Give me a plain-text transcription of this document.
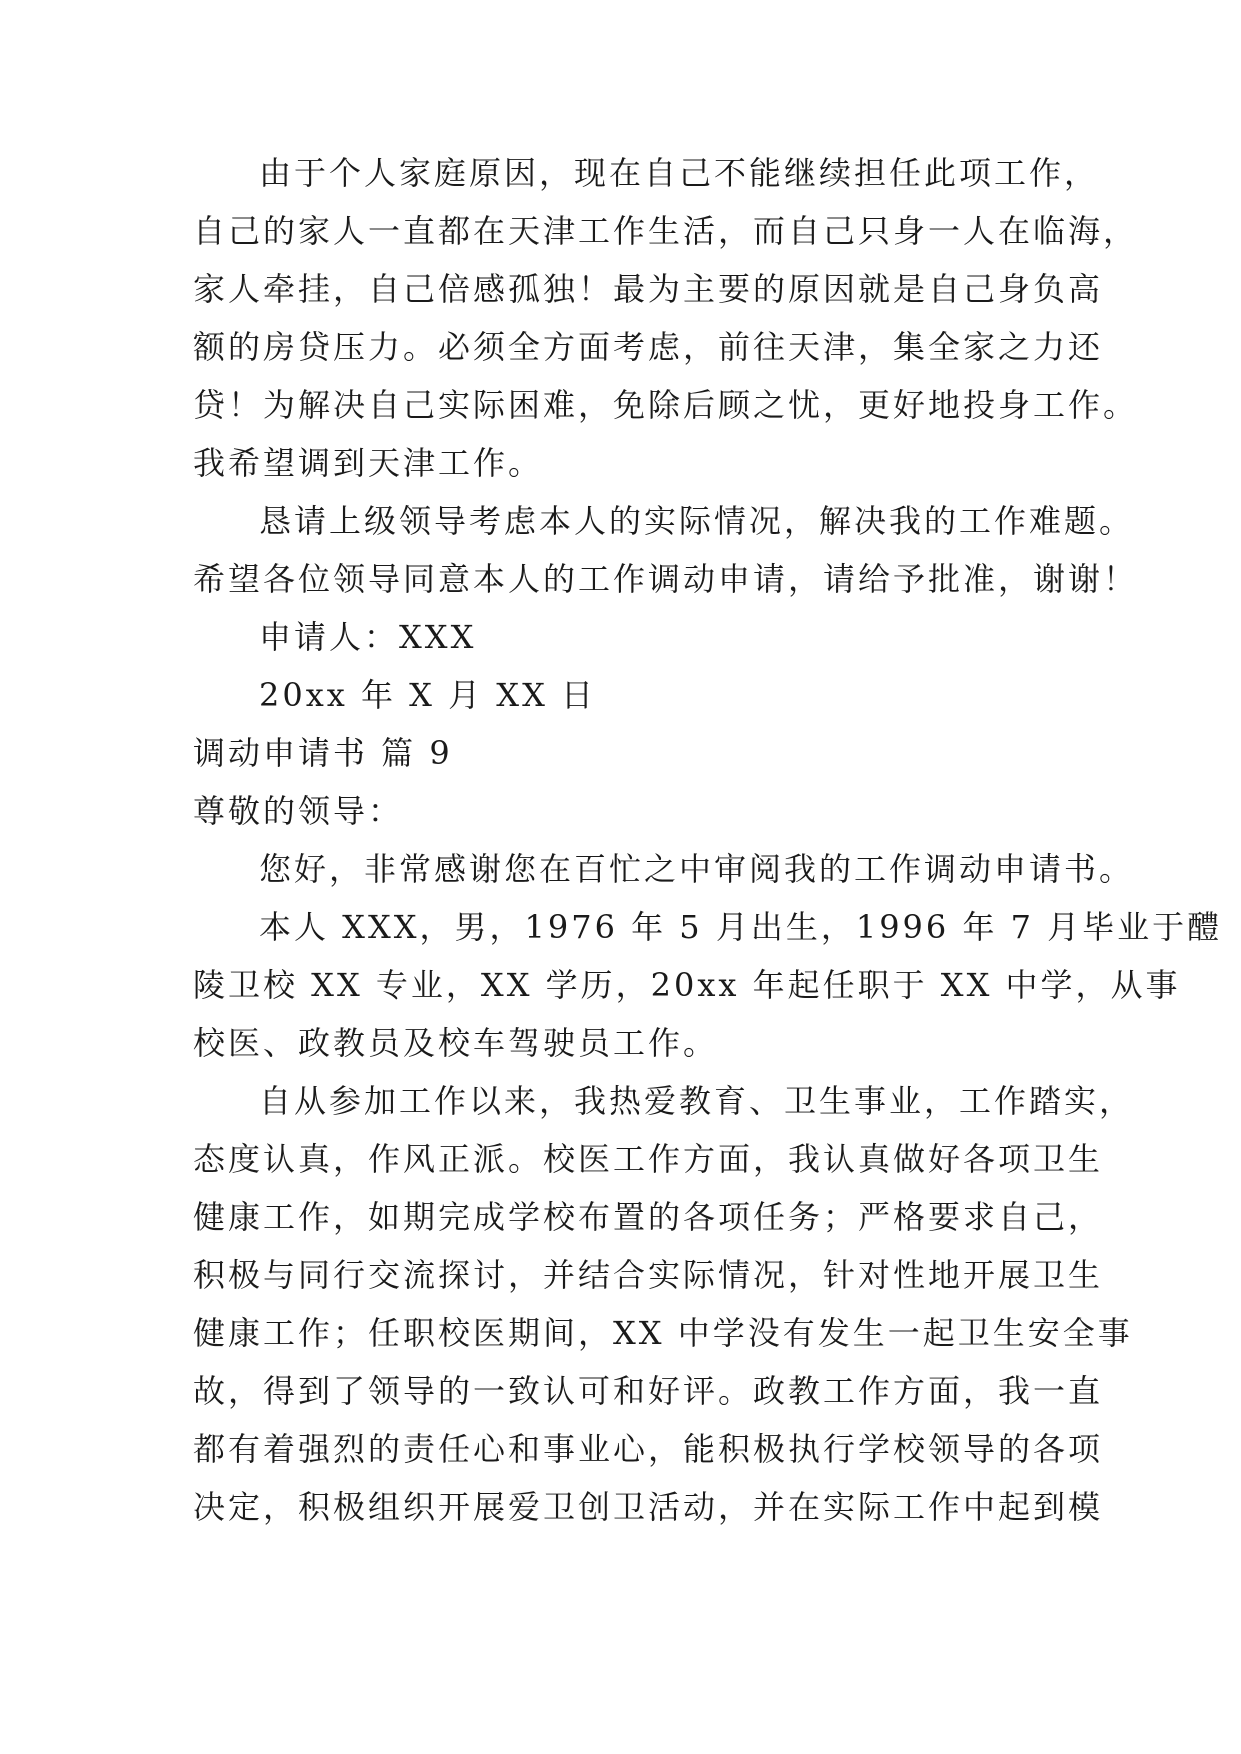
由于个人家庭原因，现在自己不能继续担任此项工作，
自己的家人一直都在天津工作生活，而自己只身一人在临海，
家人牵挂，自己倍感孤独！最为主要的原因就是自己身负高
额的房贷压力。必须全方面考虑，前往天津，集全家之力还
贷！为解决自己实际困难，免除后顾之忧，更好地投身工作。
我希望调到天津工作。
恳请上级领导考虑本人的实际情况，解决我的工作难题。
希望各位领导同意本人的工作调动申请，请给予批准，谢谢！
申请人：XXX
20xx 年 X 月 XX 日
调动申请书 篇 9
尊敬的领导：
您好，非常感谢您在百忙之中审阅我的工作调动申请书。
本人 XXX，男，1976 年 5 月出生，1996 年 7 月毕业于醴
陵卫校 XX 专业，XX 学历，20xx 年起任职于 XX 中学，从事
校医、政教员及校车驾驶员工作。
自从参加工作以来，我热爱教育、卫生事业，工作踏实，
态度认真，作风正派。校医工作方面，我认真做好各项卫生
健康工作，如期完成学校布置的各项任务；严格要求自己，
积极与同行交流探讨，并结合实际情况，针对性地开展卫生
健康工作；任职校医期间，XX 中学没有发生一起卫生安全事
故，得到了领导的一致认可和好评。政教工作方面，我一直
都有着强烈的责任心和事业心，能积极执行学校领导的各项
决定，积极组织开展爱卫创卫活动，并在实际工作中起到模
